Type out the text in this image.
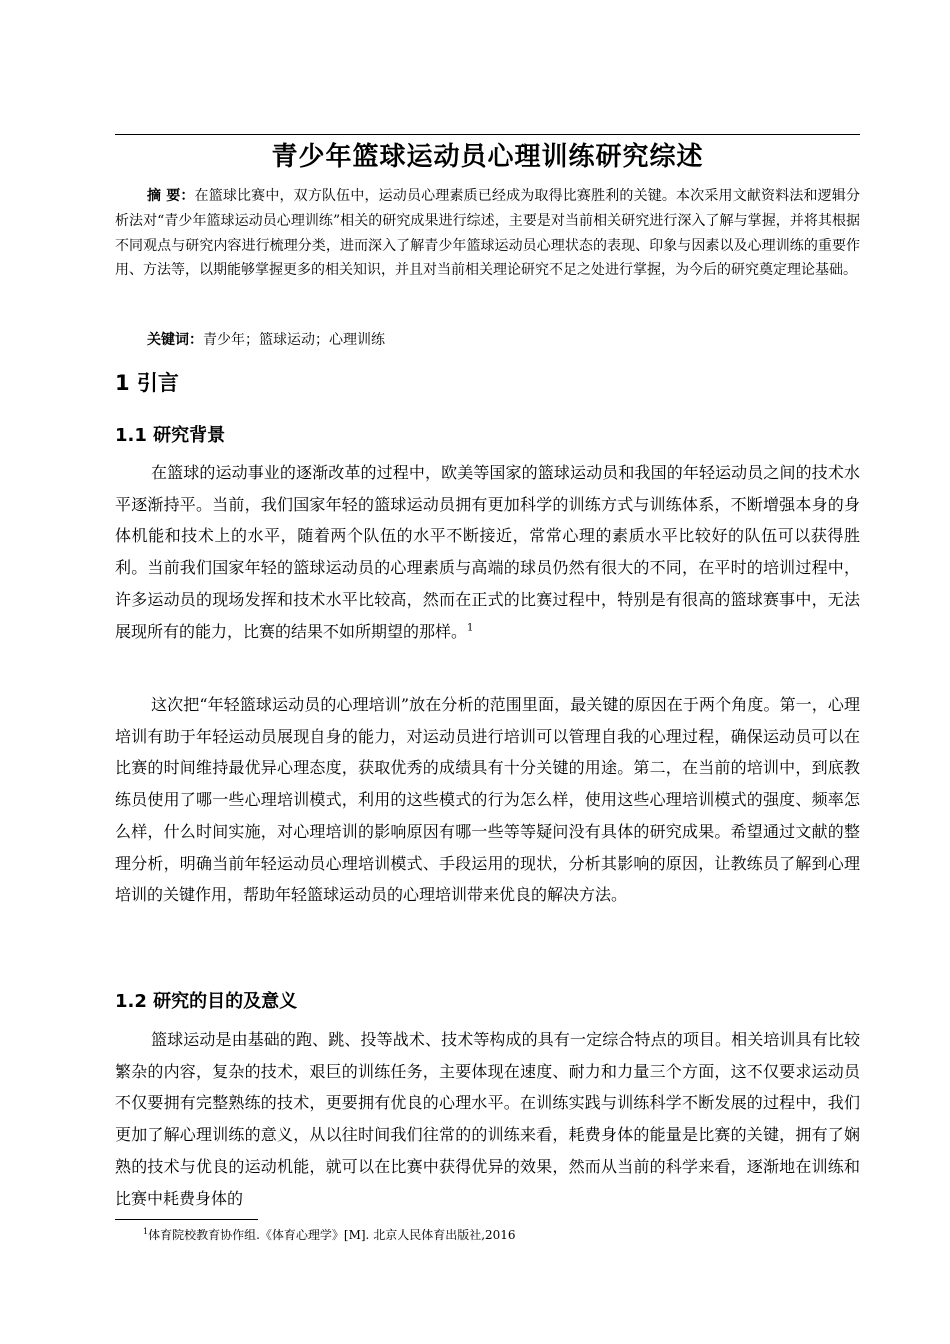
青少年篮球运动员心理训练研究综述

摘 要：在篮球比赛中，双方队伍中，运动员心理素质已经成为取得比赛胜利的关键。本次采用文献资料法和逻辑分析法对“青少年篮球运动员心理训练”相关的研究成果进行综述，主要是对当前相关研究进行深入了解与掌握，并将其根据不同观点与研究内容进行梳理分类，进而深入了解青少年篮球运动员心理状态的表现、印象与因素以及心理训练的重要作用、方法等，以期能够掌握更多的相关知识，并且对当前相关理论研究不足之处进行掌握，为今后的研究奠定理论基础。

关键词：青少年；篮球运动；心理训练

1 引言
1.1 研究背景

在篮球的运动事业的逐渐改革的过程中，欧美等国家的篮球运动员和我国的年轻运动员之间的技术水平逐渐持平。当前，我们国家年轻的篮球运动员拥有更加科学的训练方式与训练体系，不断增强本身的身体机能和技术上的水平，随着两个队伍的水平不断接近，常常心理的素质水平比较好的队伍可以获得胜利。当前我们国家年轻的篮球运动员的心理素质与高端的球员仍然有很大的不同，在平时的培训过程中，许多运动员的现场发挥和技术水平比较高，然而在正式的比赛过程中，特别是有很高的篮球赛事中，无法展现所有的能力，比赛的结果不如所期望的那样。$^1$

这次把“年轻篮球运动员的心理培训”放在分析的范围里面，最关键的原因在于两个角度。第一，心理培训有助于年轻运动员展现自身的能力，对运动员进行培训可以管理自我的心理过程，确保运动员可以在比赛的时间维持最优异心理态度，获取优秀的成绩具有十分关键的用途。第二，在当前的培训中，到底教练员使用了哪一些心理培训模式，利用的这些模式的行为怎么样，使用这些心理培训模式的强度、频率怎么样，什么时间实施，对心理培训的影响原因有哪一些等等疑问没有具体的研究成果。希望通过文献的整理分析，明确当前年轻运动员心理培训模式、手段运用的现状，分析其影响的原因，让教练员了解到心理培训的关键作用，帮助年轻篮球运动员的心理培训带来优良的解决方法。

1.2 研究的目的及意义

篮球运动是由基础的跑、跳、投等战术、技术等构成的具有一定综合特点的项目。相关培训具有比较繁杂的内容，复杂的技术，艰巨的训练任务，主要体现在速度、耐力和力量三个方面，这不仅要求运动员不仅要拥有完整熟练的技术，更要拥有优良的心理水平。在训练实践与训练科学不断发展的过程中，我们更加了解心理训练的意义，从以往时间我们往常的的训练来看，耗费身体的能量是比赛的关键，拥有了娴熟的技术与优良的运动机能，就可以在比赛中获得优异的效果，然而从当前的科学来看，逐渐地在训练和比赛中耗费身体的

$^1$体育院校教育协作组.《体育心理学》[M]. 北京人民体育出版社,2016
